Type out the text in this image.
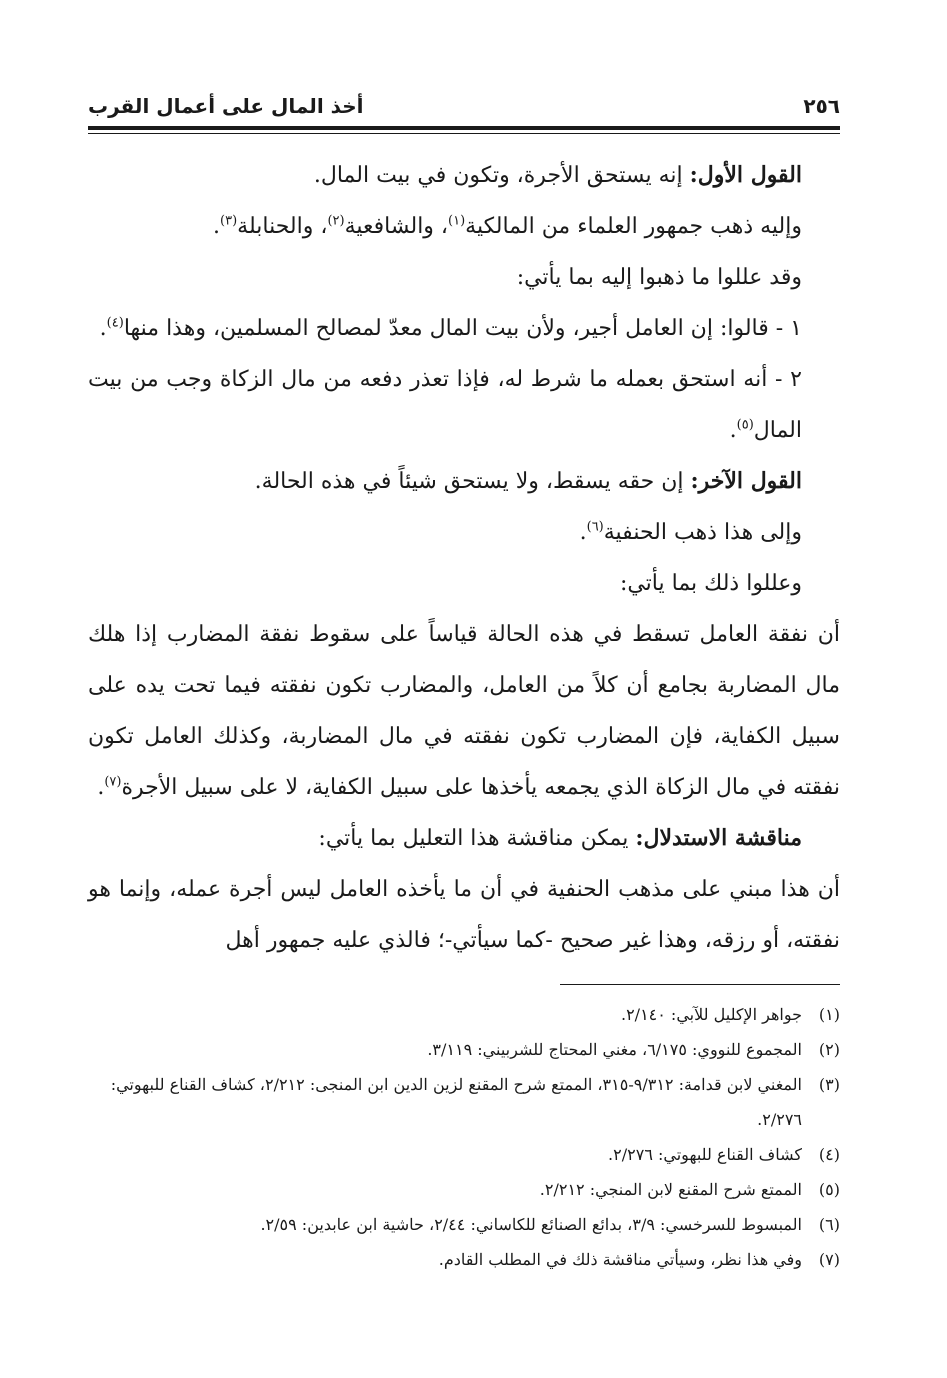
٢٥٦
أخذ المال على أعمال القرب

القول الأول: إنه يستحق الأجرة، وتكون في بيت المال.

وإليه ذهب جمهور العلماء من المالكية$^{(١)}$، والشافعية$^{(٢)}$، والحنابلة$^{(٣)}$.

وقد عللوا ما ذهبوا إليه بما يأتي:

١ - قالوا: إن العامل أجير، ولأن بيت المال معدّ لمصالح المسلمين، وهذا منها$^{(٤)}$.

٢ - أنه استحق بعمله ما شرط له، فإذا تعذر دفعه من مال الزكاة وجب من بيت المال$^{(٥)}$.

القول الآخر: إن حقه يسقط، ولا يستحق شيئاً في هذه الحالة.

وإلى هذا ذهب الحنفية$^{(٦)}$.

وعللوا ذلك بما يأتي:

أن نفقة العامل تسقط في هذه الحالة قياساً على سقوط نفقة المضارب إذا هلك مال المضاربة بجامع أن كلاً من العامل، والمضارب تكون نفقته فيما تحت يده على سبيل الكفاية، فإن المضارب تكون نفقته في مال المضاربة، وكذلك العامل تكون نفقته في مال الزكاة الذي يجمعه يأخذها على سبيل الكفاية، لا على سبيل الأجرة$^{(٧)}$.

مناقشة الاستدلال: يمكن مناقشة هذا التعليل بما يأتي:

أن هذا مبني على مذهب الحنفية في أن ما يأخذه العامل ليس أجرة عمله، وإنما هو نفقته، أو رزقه، وهذا غير صحيح -كما سيأتي-؛ فالذي عليه جمهور أهل

(١)جواهر الإكليل للآبي: ٢/١٤٠.

(٢)المجموع للنووي: ٦/١٧٥، مغني المحتاج للشربيني: ٣/١١٩.

(٣)المغني لابن قدامة: ٩/٣١٢-٣١٥، الممتع شرح المقنع لزين الدين ابن المنجى: ٢/٢١٢، كشاف القناع للبهوتي: ٢/٢٧٦.

(٤)كشاف القناع للبهوتي: ٢/٢٧٦.

(٥)الممتع شرح المقنع لابن المنجي: ٢/٢١٢.

(٦)المبسوط للسرخسي: ٣/٩، بدائع الصنائع للكاساني: ٢/٤٤، حاشية ابن عابدين: ٢/٥٩.

(٧)وفي هذا نظر، وسيأتي مناقشة ذلك في المطلب القادم.
